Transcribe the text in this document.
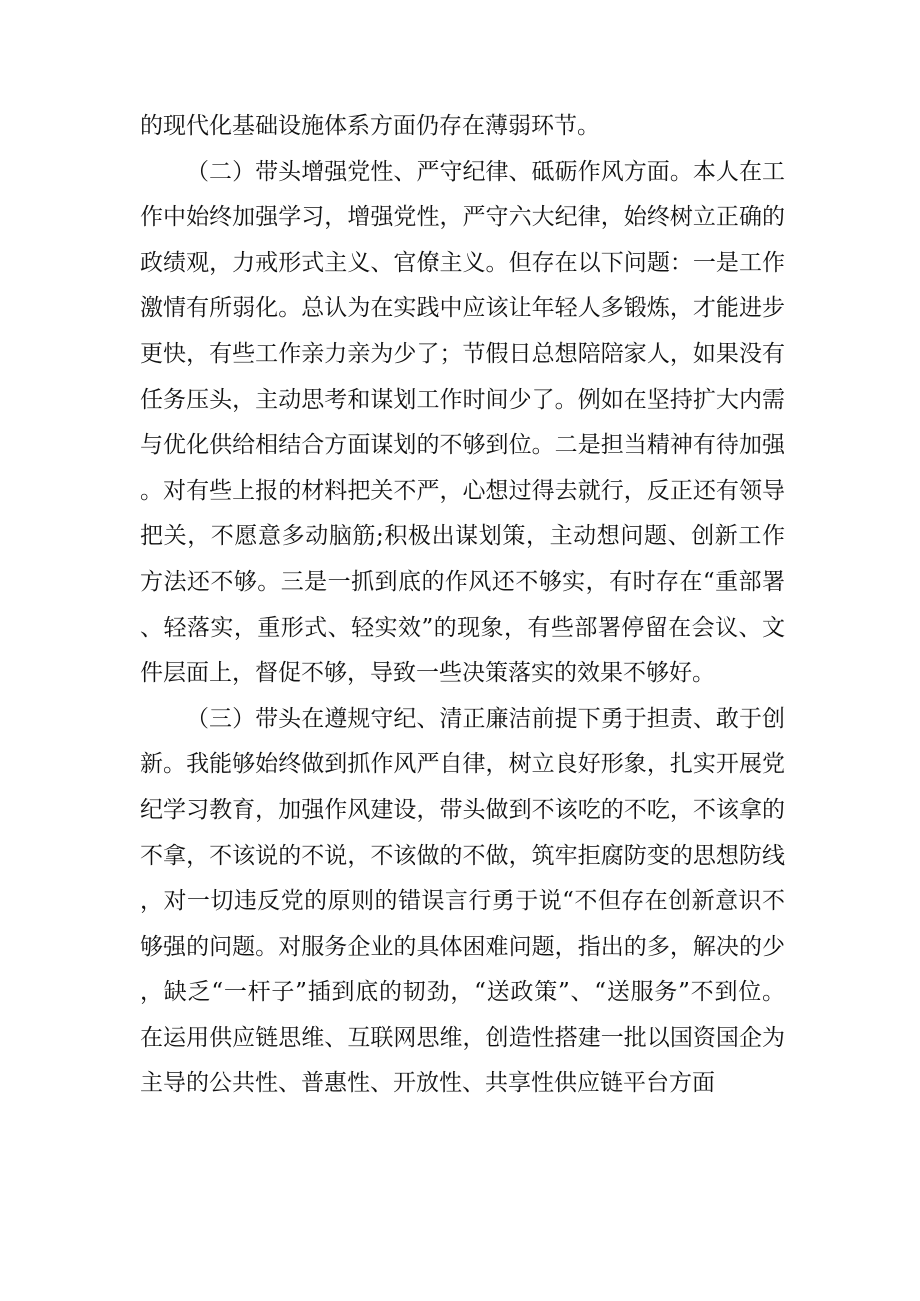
的现代化基础设施体系方面仍存在薄弱环节。

（二）带头增强党性、严守纪律、砥砺作风方面。本人在工作中始终加强学习，增强党性，严守六大纪律，始终树立正确的政绩观，力戒形式主义、官僚主义。但存在以下问题：一是工作激情有所弱化。总认为在实践中应该让年轻人多锻炼，才能进步更快，有些工作亲力亲为少了；节假日总想陪陪家人，如果没有任务压头，主动思考和谋划工作时间少了。例如在坚持扩大内需与优化供给相结合方面谋划的不够到位。二是担当精神有待加强。对有些上报的材料把关不严，心想过得去就行，反正还有领导把关，不愿意多动脑筋;积极出谋划策，主动想问题、创新工作方法还不够。三是一抓到底的作风还不够实，有时存在“重部署、轻落实，重形式、轻实效”的现象，有些部署停留在会议、文件层面上，督促不够，导致一些决策落实的效果不够好。

（三）带头在遵规守纪、清正廉洁前提下勇于担责、敢于创新。我能够始终做到抓作风严自律，树立良好形象，扎实开展党纪学习教育，加强作风建设，带头做到不该吃的不吃，不该拿的不拿，不该说的不说，不该做的不做，筑牢拒腐防变的思想防线，对一切违反党的原则的错误言行勇于说“不但存在创新意识不够强的问题。对服务企业的具体困难问题，指出的多，解决的少，缺乏“一杆子”插到底的韧劲，“送政策”、“送服务”不到位。在运用供应链思维、互联网思维，创造性搭建一批以国资国企为主导的公共性、普惠性、开放性、共享性供应链平台方面
